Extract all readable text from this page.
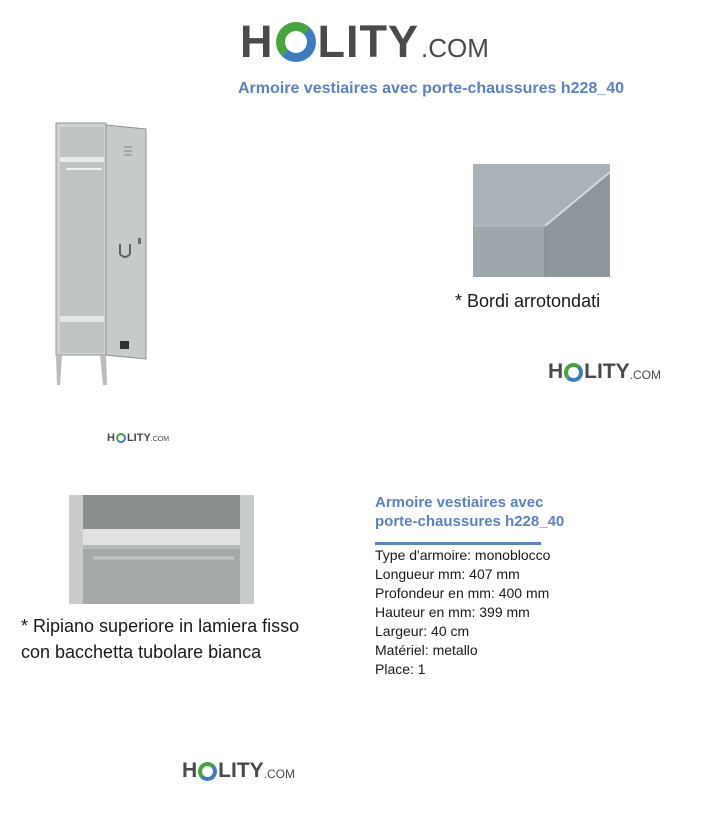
H LITY .COM
Armoire vestiaires avec porte-chaussures h228_40
H LITY .COM
* Bordi arrotondati
H LITY .COM
* Ripiano superiore in lamiera fisso
con bacchetta tubolare bianca
H LITY .COM
Armoire vestiaires avec
porte-chaussures h228_40
Type d'armoire: monoblocco
Longueur mm: 407 mm
Profondeur en mm: 400 mm
Hauteur en mm: 399 mm
Largeur: 40 cm
Matériel: metallo
Place: 1
